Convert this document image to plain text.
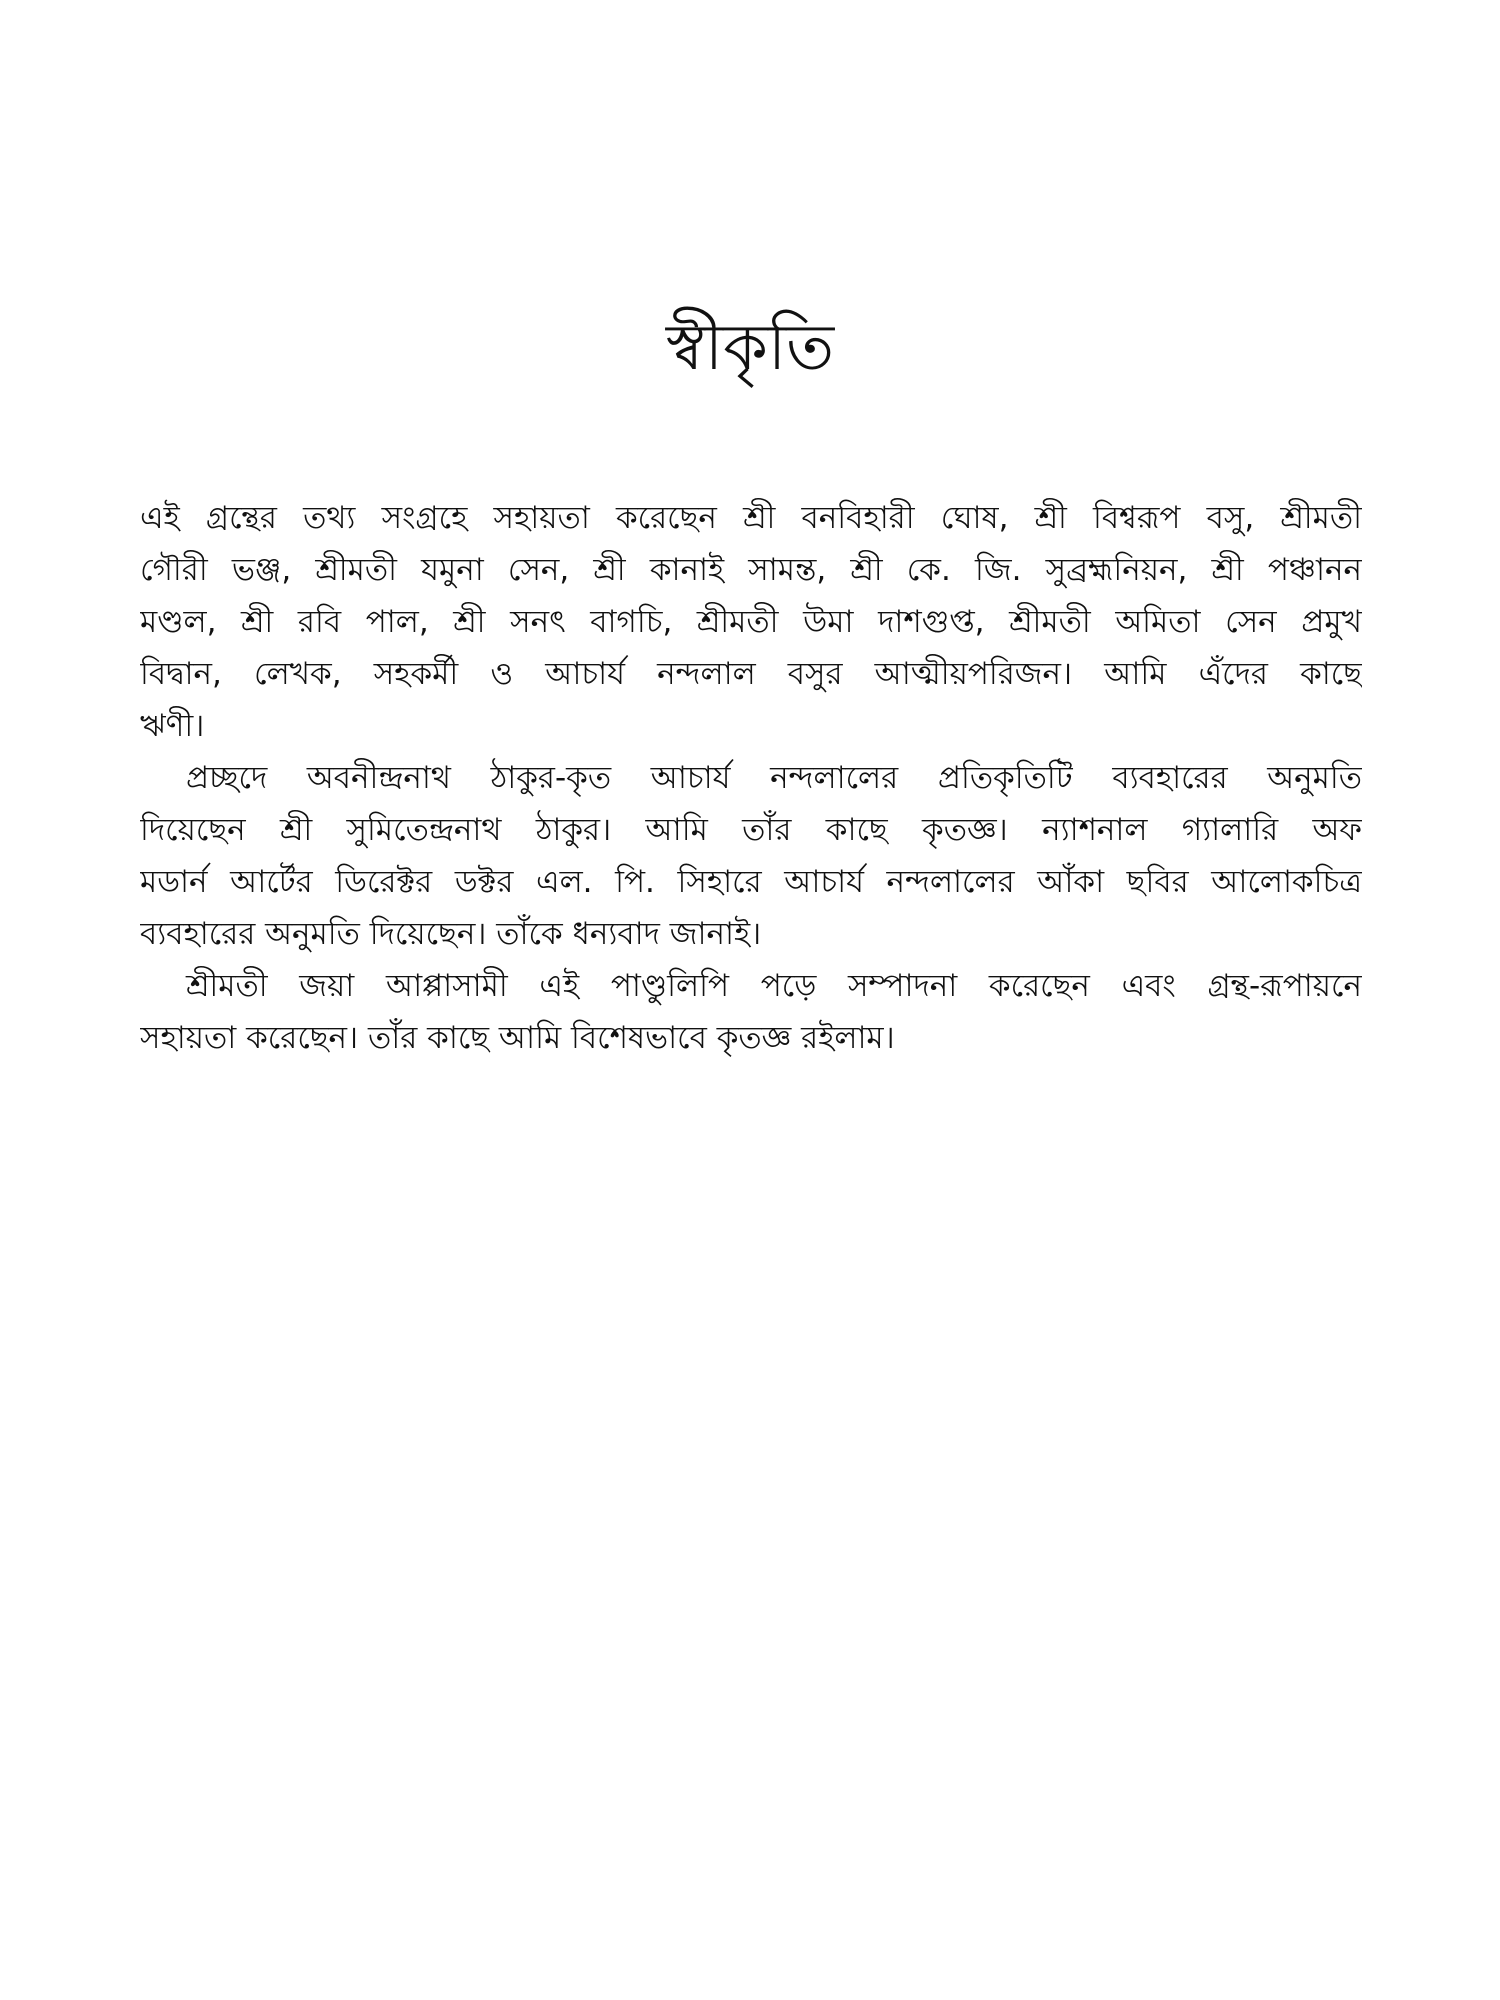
স্বীকৃতি

এই গ্রন্থের তথ্য সংগ্রহে সহায়তা করেছেন শ্রী বনবিহারী ঘোষ, শ্রী বিশ্বরূপ বসু, শ্রীমতী
গৌরী ভঞ্জ, শ্রীমতী যমুনা সেন, শ্রী কানাই সামন্ত, শ্রী কে. জি. সুব্রহ্মনিয়ন, শ্রী পঞ্চানন
মণ্ডল, শ্রী রবি পাল, শ্রী সনৎ বাগচি, শ্রীমতী উমা দাশগুপ্ত, শ্রীমতী অমিতা সেন প্রমুখ
বিদ্বান, লেখক, সহকর্মী ও আচার্য নন্দলাল বসুর আত্মীয়পরিজন। আমি এঁদের কাছে
ঋণী।

প্রচ্ছদে অবনীন্দ্রনাথ ঠাকুর-কৃত আচার্য নন্দলালের প্রতিকৃতিটি ব্যবহারের অনুমতি
দিয়েছেন শ্রী সুমিতেন্দ্রনাথ ঠাকুর। আমি তাঁর কাছে কৃতজ্ঞ। ন্যাশনাল গ্যালারি অফ
মডার্ন আর্টের ডিরেক্টর ডক্টর এল. পি. সিহারে আচার্য নন্দলালের আঁকা ছবির আলোকচিত্র
ব্যবহারের অনুমতি দিয়েছেন। তাঁকে ধন্যবাদ জানাই।

শ্রীমতী জয়া আপ্পাসামী এই পাণ্ডুলিপি পড়ে সম্পাদনা করেছেন এবং গ্রন্থ-রূপায়নে
সহায়তা করেছেন। তাঁর কাছে আমি বিশেষভাবে কৃতজ্ঞ রইলাম।
